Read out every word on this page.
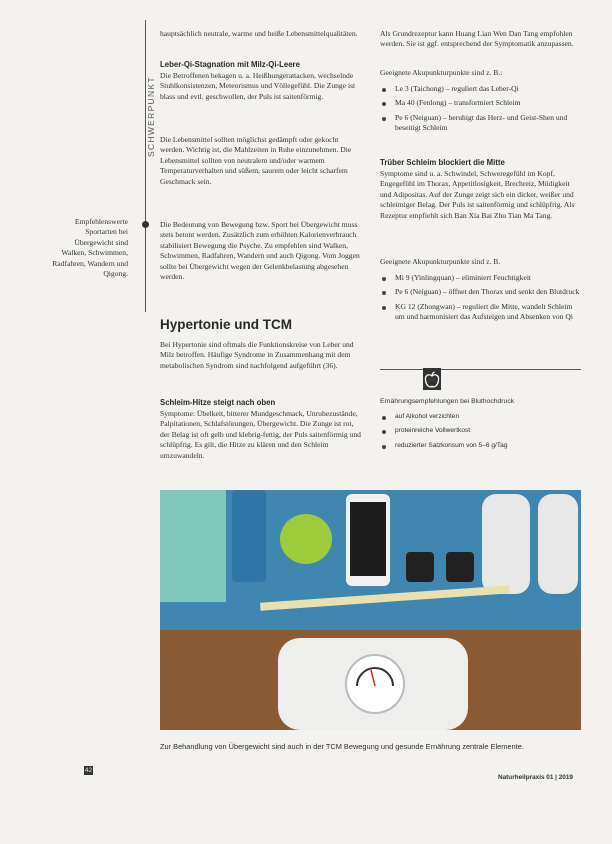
SCHWERPUNKT
Empfehlenswerte Sportarten bei Übergewicht sind Walken, Schwimmen, Radfahren, Wandern und Qigong.

hauptsächlich neutrale, warme und heiße Lebensmittelqualitäten.

Leber-Qi-Stagnation mit Milz-Qi-Leere

Die Betroffenen bekagen u. a. Heißhungerattacken, wechselnde Stuhlkonsistenzen, Meteorismus und Völlegefühl. Die Zunge ist blass und evtl. geschwollen, der Puls ist saitenförmig.

Die Lebensmittel sollten möglichst gedämpft oder gekocht werden. Wichtig ist, die Mahlzeiten in Ruhe einzunehmen. Die Lebensmittel sollten von neutralem und/oder warmem Temperaturverhalten und süßem, saurem oder leicht scharfem Geschmack sein.

Die Bedeutung von Bewegung bzw. Sport bei Übergewicht muss stets betont werden. Zusätzlich zum erhöhten Kalorienverbrauch stabilisiert Bewegung die Psyche. Zu empfehlen sind Walken, Schwimmen, Radfahren, Wandern und auch Qigong. Vom Joggen sollte bei Übergewicht wegen der Gelenkbelastung abgesehen werden.

Hypertonie und TCM

Bei Hypertonie sind oftmals die Funktionskreise von Leber und Milz betroffen. Häufige Syndrome in Zusammenhang mit dem metabolischen Syndrom sind nachfolgend aufgeführt (36).

Schleim-Hitze steigt nach oben

Symptome: Übelkeit, bitterer Mundgeschmack, Unruhezustände, Palpitationen, Schlafstörungen, Übergewicht. Die Zunge ist rot, der Belag ist oft gelb und klebrig-fettig, der Puls saitenförmig und schlüpfrig. Es gilt, die Hitze zu klären und den Schleim umzuwandeln.

Als Grundrezeptur kann Huang Lian Wen Dan Tang empfohlen werden. Sie ist ggf. entsprechend der Symptomatik anzupassen.

Geeignete Akupunkturpunkte sind z. B.:

Le 3 (Taichong) – reguliert das Leber-Qi
Ma 40 (Fenlong) – transformiert Schleim
Pe 6 (Neiguan) – beruhigt das Herz- und Geist-Shen und beseitigt Schleim

Trüber Schleim blockiert die Mitte

Symptome sind u. a. Schwindel, Schweregefühl im Kopf, Engegefühl im Thorax, Appetitlosigkeit, Brechreiz, Müdigkeit und Adipositas. Auf der Zunge zeigt sich ein dicker, weißer und schleimiger Belag. Der Puls ist saitenförmig und schlüpfrig. Als Rezeptur empfiehlt sich Ban Xia Bai Zhu Tian Ma Tang.

Geeignete Akupunkturpunkte sind z. B.

Mi 9 (Yinlingquan) – eliminiert Feuchtigkeit
Pe 6 (Neiguan) – öffnet den Thorax und senkt den Blutdruck
KG 12 (Zhongwan) – reguliert die Mitte, wandelt Schleim um und harmonisiert das Aufsteigen und Absenken von Qi

Ernährungsempfehlungen bei Bluthochdruck

auf Alkohol verzichten
proteinreiche Vollwertkost
reduzierter Salzkonsum von 5–6 g/Tag

Zur Behandlung von Übergewicht sind auch in der TCM Bewegung und gesunde Ernährung zentrale Elemente.

42
Naturheilpraxis 01 | 2019
